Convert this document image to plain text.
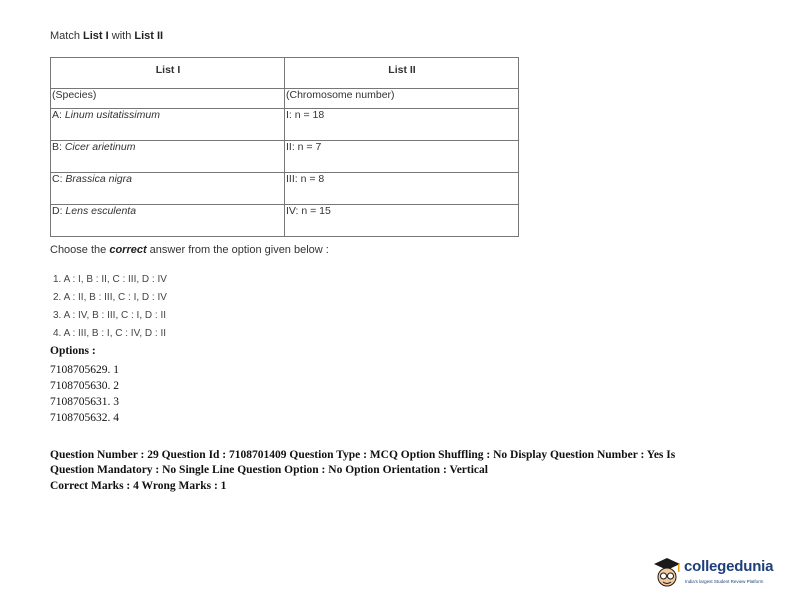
Match List I with List II
List I	List II
(Species)	(Chromosome number)
A: Linum usitatissimum	I: n = 18
B: Cicer arietinum	II: n = 7
C: Brassica nigra	III: n = 8
D: Lens esculenta	IV: n = 15
Choose the correct answer from the option given below :
1. A : I, B : II, C : III, D : IV
2. A : II, B : III, C : I, D : IV
3. A : IV, B : III, C : I, D : II
4. A : III, B : I, C : IV, D : II
Options :
7108705629. 1
7108705630. 2
7108705631. 3
7108705632. 4
Question Number : 29 Question Id : 7108701409 Question Type : MCQ Option Shuffling : No Display Question Number : Yes Is Question Mandatory : No Single Line Question Option : No Option Orientation : Vertical
Correct Marks : 4 Wrong Marks : 1
collegedunia
India's largest Student Review Platform
